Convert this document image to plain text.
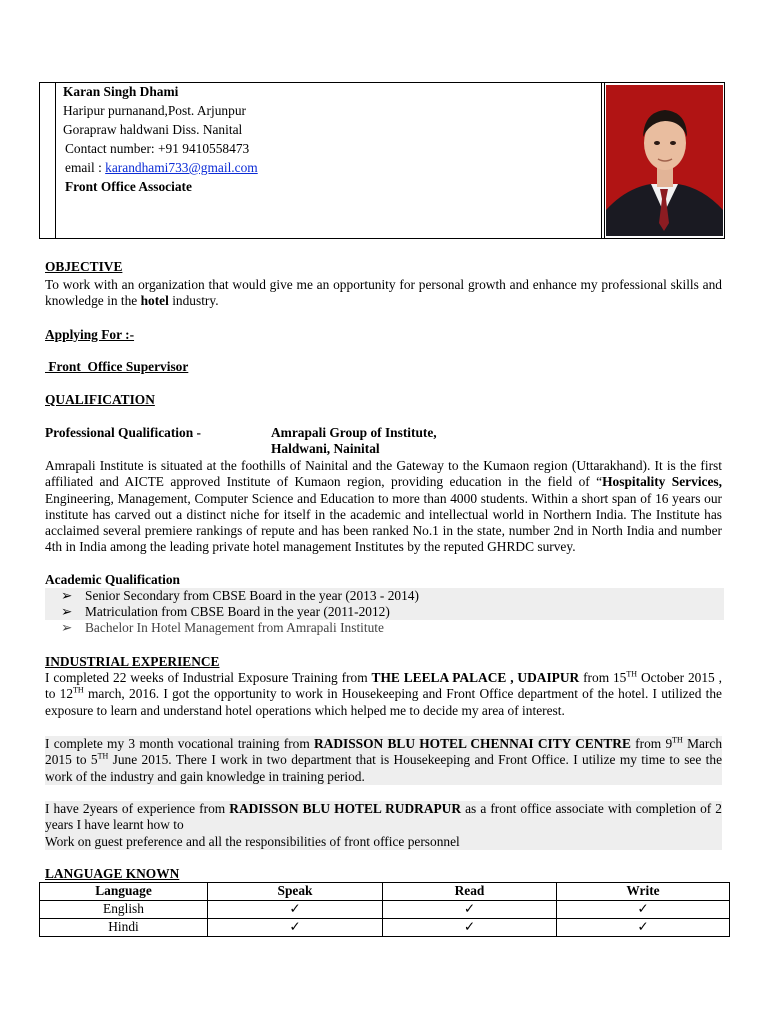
Karan Singh Dhami
Haripur purnanand,Post. Arjunpur
Gorapraw haldwani Diss. Nanital
Contact number: +91 9410558473
email : karandhami733@gmail.com
Front Office Associate
OBJECTIVE
To work with an organization that would give me an opportunity for personal growth and enhance my professional skills and knowledge in the hotel industry.
Applying For :-
Front  Office Supervisor
QUALIFICATION
Professional Qualification -	Amrapali Group of Institute,
Haldwani, Nainital
Amrapali Institute is situated at the foothills of Nainital and the Gateway to the Kumaon region (Uttarakhand). It is the first affiliated and AICTE approved Institute of Kumaon region, providing education in the field of “Hospitality Services, Engineering, Management, Computer Science and Education to more than 4000 students. Within a short span of 16 years our institute has carved out a distinct niche for itself in the academic and intellectual world in Northern India. The Institute has acclaimed several premiere rankings of repute and has been ranked No.1 in the state, number 2nd in North India and number 4th in India among the leading private hotel management Institutes by the reputed GHRDC survey.
Academic Qualification
➢ Senior Secondary from CBSE Board in the year (2013 - 2014)
➢ Matriculation from CBSE Board in the year (2011-2012)
➢ Bachelor In Hotel Management from Amrapali Institute
INDUSTRIAL EXPERIENCE
I completed 22 weeks of Industrial Exposure Training from THE LEELA PALACE , UDAIPUR from 15TH October 2015 , to 12TH march, 2016. I got the opportunity to work in Housekeeping and Front Office department of the hotel. I utilized the exposure to learn and understand hotel operations which helped me to decide my area of interest.
I complete my 3 month vocational training from RADISSON BLU HOTEL CHENNAI CITY CENTRE from 9TH March 2015 to 5TH June 2015. There I work in two department that is Housekeeping and Front Office. I utilize my time to see the work of the industry and gain knowledge in training period.
I have 2years of experience from RADISSON BLU HOTEL RUDRAPUR as a front office associate with completion of 2 years I have learnt how to
Work on guest preference and all the responsibilities of front office personnel
LANGUAGE KNOWN
Language	Speak	Read	Write
English	✓	✓	✓
Hindi	✓	✓	✓
